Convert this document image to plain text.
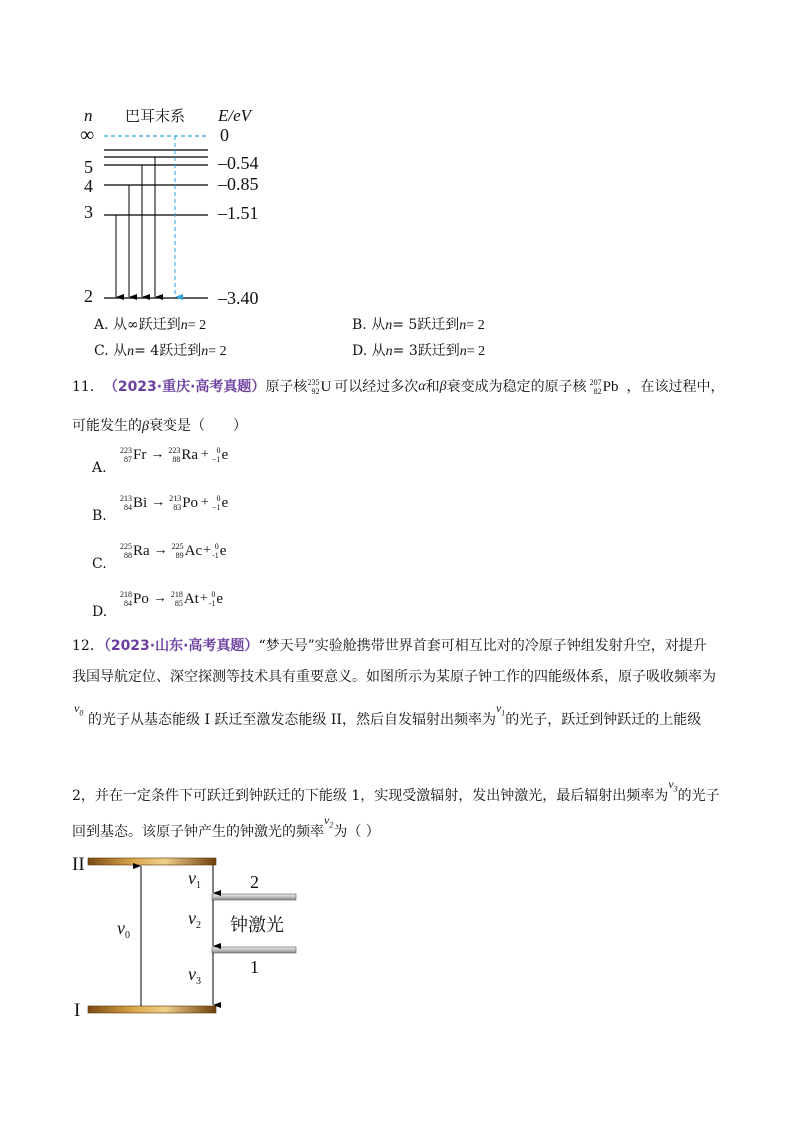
n 巴耳末系 E/eV
∞
5
4
3
2
0
–0.54
–0.85
–1.51
–3.40
A. 从∞跃迁到n= 2	B. 从n= 5跃迁到n= 2
C. 从n= 4跃迁到n= 2	D. 从n= 3跃迁到n= 2
11． （2023·重庆·高考真题） 原子核 235
92 U 可以经过多次 α 和 β 衰变成为稳定的原子核 207
82 Pb ，在该过程中，
可能发生的β衰变是（　　）
A.
223
87 Fr → 223
88 Ra + 0
−1 e
B.
213
84 Bi → 213
83 Po + 0
−1 e
C.
225
88 Ra → 225
89 Ac + 0
-1 e
D.
218
84 Po → 218
85 At + 0
-1 e
12．（2023·山东·高考真题）“梦天号”实验舱携带世界首套可相互比对的冷原子钟组发射升空，对提升
我国导航定位、深空探测等技术具有重要意义。如图所示为某原子钟工作的四能级体系，原子吸收频率为
$\nu_0$ 的光子从基态能级 I 跃迁至激发态能级 II，然后自发辐射出频率为$\nu_1$的光子，跃迁到钟跃迁的上能级
2，并在一定条件下可跃迁到钟跃迁的下能级 1，实现受激辐射，发出钟激光，最后辐射出频率为$\nu_3$的光子
回到基态。该原子钟产生的钟激光的频率$\nu_2$为（ ）
II
I
$\nu_0$
$\nu_1$
$\nu_2$
$\nu_3$
2
1
钟激光
